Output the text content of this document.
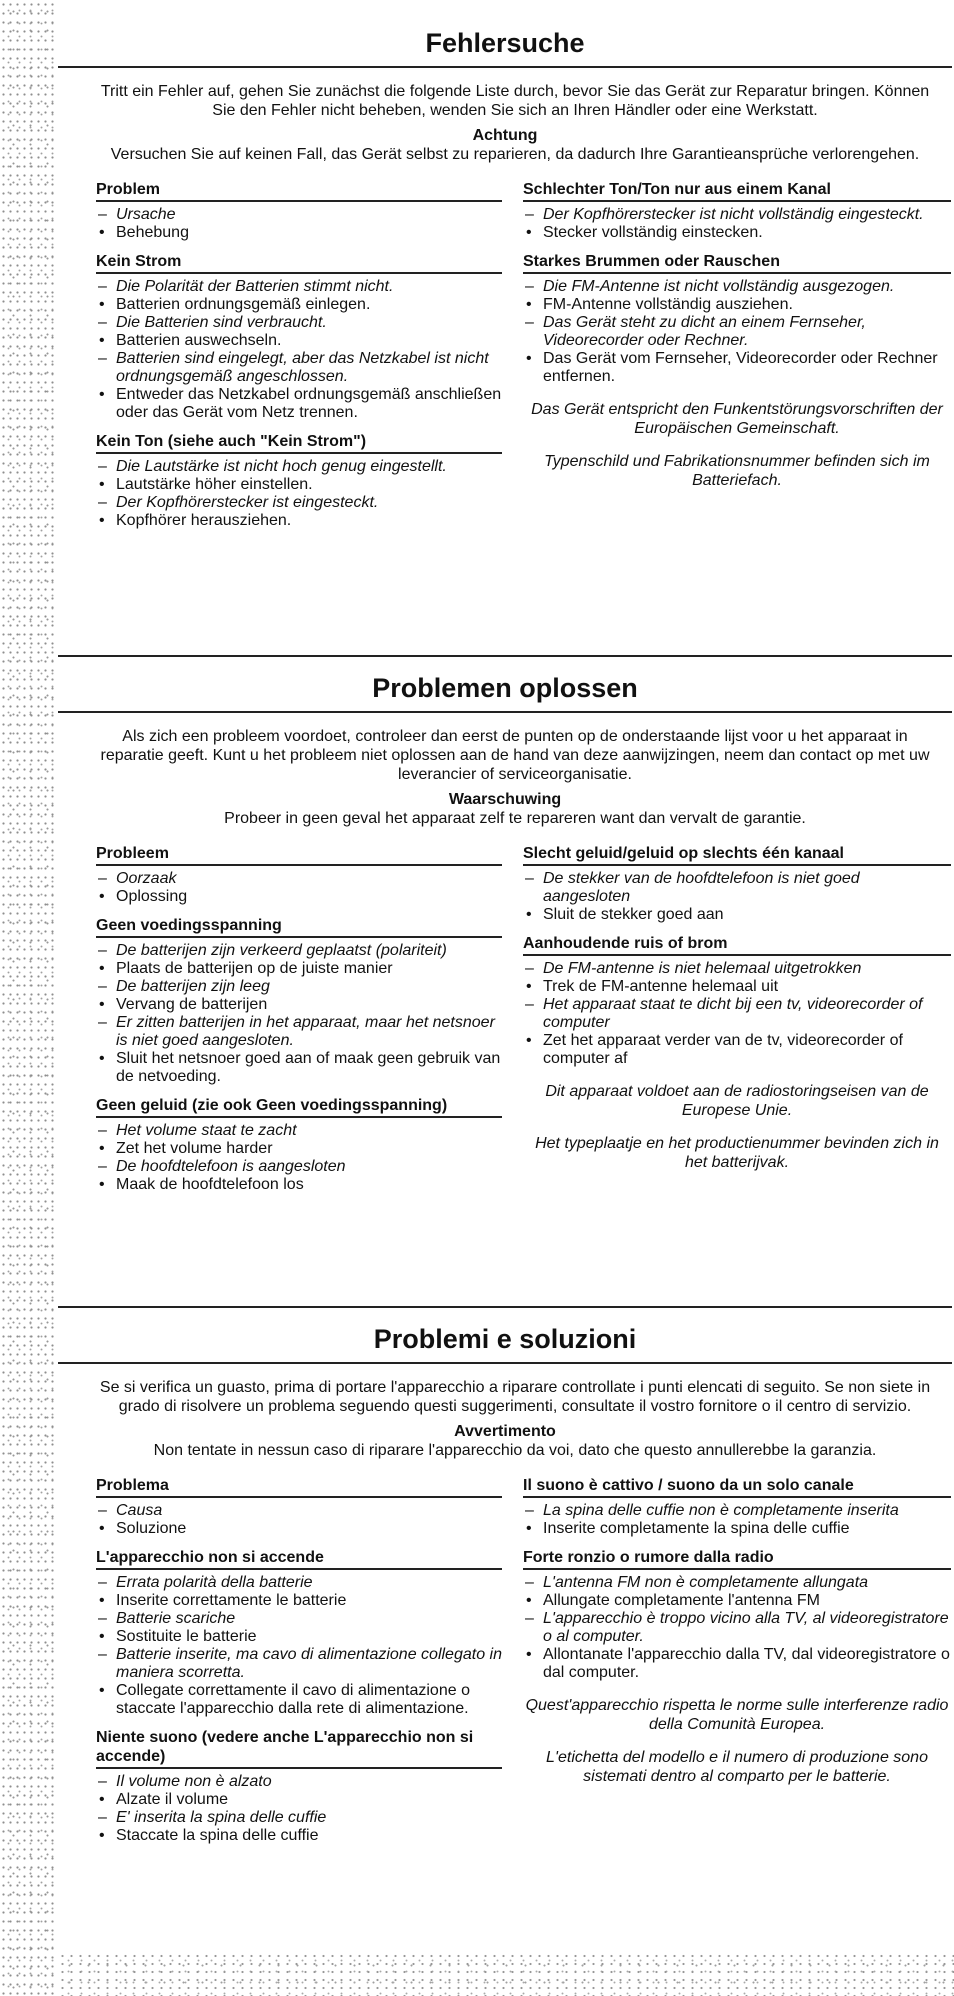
Fehlersuche

Tritt ein Fehler auf, gehen Sie zunächst die folgende Liste durch, bevor Sie das Gerät zur Reparatur bringen. Können Sie den Fehler nicht beheben, wenden Sie sich an Ihren Händler oder eine Werkstatt.

Achtung

Versuchen Sie auf keinen Fall, das Gerät selbst zu reparieren, da dadurch Ihre Garantieansprüche verlorengehen.

Problem
– Ursache
• Behebung
Kein Strom
– Die Polarität der Batterien stimmt nicht.
• Batterien ordnungsgemäß einlegen.
– Die Batterien sind verbraucht.
• Batterien auswechseln.
– Batterien sind eingelegt, aber das Netzkabel ist nicht ordnungsgemäß angeschlossen.
• Entweder das Netzkabel ordnungsgemäß anschließen oder das Gerät vom Netz trennen.
Kein Ton (siehe auch "Kein Strom")
– Die Lautstärke ist nicht hoch genug eingestellt.
• Lautstärke höher einstellen.
– Der Kopfhörerstecker ist eingesteckt.
• Kopfhörer herausziehen.
Schlechter Ton/Ton nur aus einem Kanal
– Der Kopfhörerstecker ist nicht vollständig eingesteckt.
• Stecker vollständig einstecken.
Starkes Brummen oder Rauschen
– Die FM-Antenne ist nicht vollständig ausgezogen.
• FM-Antenne vollständig ausziehen.
– Das Gerät steht zu dicht an einem Fernseher, Videorecorder oder Rechner.
• Das Gerät vom Fernseher, Videorecorder oder Rechner entfernen.

Das Gerät entspricht den Funkentstörungsvorschriften der Europäischen Gemeinschaft.

Typenschild und Fabrikationsnummer befinden sich im Batteriefach.

Problemen oplossen

Als zich een probleem voordoet, controleer dan eerst de punten op de onderstaande lijst voor u het apparaat in reparatie geeft. Kunt u het probleem niet oplossen aan de hand van deze aanwijzingen, neem dan contact op met uw leverancier of serviceorganisatie.

Waarschuwing

Probeer in geen geval het apparaat zelf te repareren want dan vervalt de garantie.

Probleem
– Oorzaak
• Oplossing
Geen voedingsspanning
– De batterijen zijn verkeerd geplaatst (polariteit)
• Plaats de batterijen op de juiste manier
– De batterijen zijn leeg
• Vervang de batterijen
– Er zitten batterijen in het apparaat, maar het netsnoer is niet goed aangesloten.
• Sluit het netsnoer goed aan of maak geen gebruik van de netvoeding.
Geen geluid (zie ook Geen voedingsspanning)
– Het volume staat te zacht
• Zet het volume harder
– De hoofdtelefoon is aangesloten
• Maak de hoofdtelefoon los
Slecht geluid/geluid op slechts één kanaal
– De stekker van de hoofdtelefoon is niet goed aangesloten
• Sluit de stekker goed aan
Aanhoudende ruis of brom
– De FM-antenne is niet helemaal uitgetrokken
• Trek de FM-antenne helemaal uit
– Het apparaat staat te dicht bij een tv, videorecorder of computer
• Zet het apparaat verder van de tv, videorecorder of computer af

Dit apparaat voldoet aan de radiostoringseisen van de Europese Unie.

Het typeplaatje en het productienummer bevinden zich in het batterijvak.

Problemi e soluzioni

Se si verifica un guasto, prima di portare l'apparecchio a riparare controllate i punti elencati di seguito. Se non siete in grado di risolvere un problema seguendo questi suggerimenti, consultate il vostro fornitore o il centro di servizio.

Avvertimento

Non tentate in nessun caso di riparare l'apparecchio da voi, dato che questo annullerebbe la garanzia.

Problema
– Causa
• Soluzione
L'apparecchio non si accende
– Errata polarità della batterie
• Inserite correttamente le batterie
– Batterie scariche
• Sostituite le batterie
– Batterie inserite, ma cavo di alimentazione collegato in maniera scorretta.
• Collegate correttamente il cavo di alimentazione o staccate l'apparecchio dalla rete di alimentazione.
Niente suono (vedere anche L'apparecchio non si accende)
– Il volume non è alzato
• Alzate il volume
– E' inserita la spina delle cuffie
• Staccate la spina delle cuffie
Il suono è cattivo / suono da un solo canale
– La spina delle cuffie non è completamente inserita
• Inserite completamente la spina delle cuffie
Forte ronzio o rumore dalla radio
– L'antenna FM non è completamente allungata
• Allungate completamente l'antenna FM
– L'apparecchio è troppo vicino alla TV, al videoregistratore o al computer.
• Allontanate l'apparecchio dalla TV, dal videoregistratore o dal computer.

Quest'apparecchio rispetta le norme sulle interferenze radio della Comunità Europea.

L'etichetta del modello e il numero di produzione sono sistemati dentro al comparto per le batterie.
